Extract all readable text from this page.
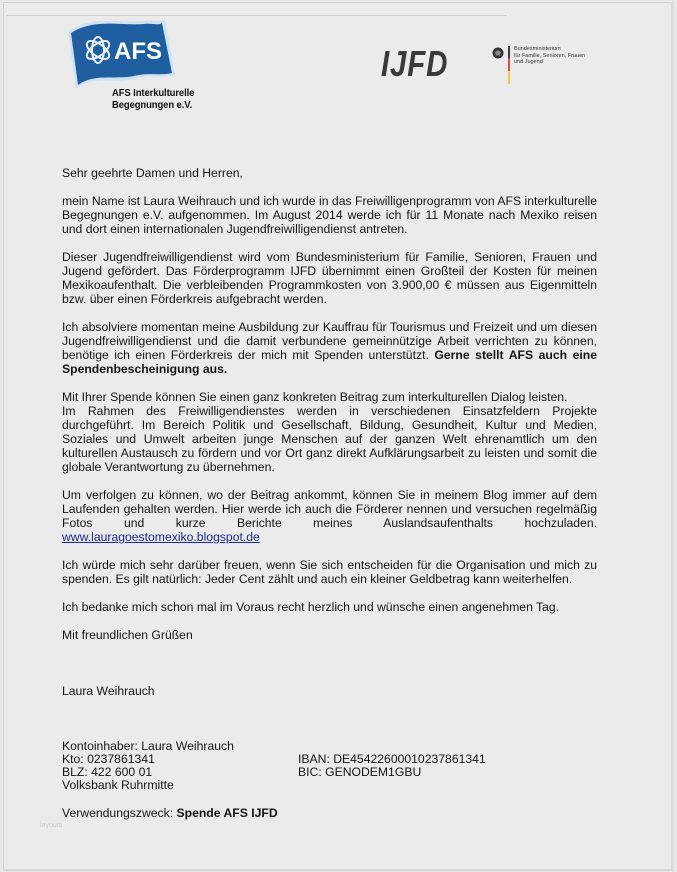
AFS
AFS Interkulturelle
Begegnungen e.V.
IJFD	Bundesministerium
für Familie, Senioren, Frauen
und Jugend

Sehr geehrte Damen und Herren,

mein Name ist Laura Weihrauch und ich wurde in das Freiwilligenprogramm von AFS interkulturelle Begegnungen e.V. aufgenommen. Im August 2014 werde ich für 11 Monate nach Mexiko reisen und dort einen internationalen Jugendfreiwilligendienst antreten.

Dieser Jugendfreiwilligendienst wird vom Bundesministerium für Familie, Senioren, Frauen und Jugend gefördert. Das Förderprogramm IJFD übernimmt einen Großteil der Kosten für meinen Mexikoaufenthalt. Die verbleibenden Programmkosten von 3.900,00 € müssen aus Eigenmitteln bzw. über einen Förderkreis aufgebracht werden.

Ich absolviere momentan meine Ausbildung zur Kauffrau für Tourismus und Freizeit und um diesen Jugendfreiwilligendienst und die damit verbundene gemeinnützige Arbeit verrichten zu können, benötige ich einen Förderkreis der mich mit Spenden unterstützt. Gerne stellt AFS auch eine Spendenbescheinigung aus.

Mit Ihrer Spende können Sie einen ganz konkreten Beitrag zum interkulturellen Dialog leisten.
Im Rahmen des Freiwilligendienstes werden in verschiedenen Einsatzfeldern Projekte durchgeführt. Im Bereich Politik und Gesellschaft, Bildung, Gesundheit, Kultur und Medien, Soziales und Umwelt arbeiten junge Menschen auf der ganzen Welt ehrenamtlich um den kulturellen Austausch zu fördern und vor Ort ganz direkt Aufklärungsarbeit zu leisten und somit die globale Verantwortung zu übernehmen.

Um verfolgen zu können, wo der Beitrag ankommt, können Sie in meinem Blog immer auf dem Laufenden gehalten werden. Hier werde ich auch die Förderer nennen und versuchen regelmäßig Fotos und kurze Berichte meines Auslandsaufenthalts hochzuladen.
www.lauragoestomexiko.blogspot.de

Ich würde mich sehr darüber freuen, wenn Sie sich entscheiden für die Organisation und mich zu spenden. Es gilt natürlich: Jeder Cent zählt und auch ein kleiner Geldbetrag kann weiterhelfen.

Ich bedanke mich schon mal im Voraus recht herzlich und wünsche einen angenehmen Tag.

Mit freundlichen Grüßen

Laura Weihrauch

Kontoinhaber: Laura Weihrauch
Kto: 0237861341	IBAN: DE45422600010237861341
BLZ: 422 600 01	BIC: GENODEM1GBU
Volksbank Ruhrmitte
Verwendungszweck: Spende AFS IJFD
layouts
